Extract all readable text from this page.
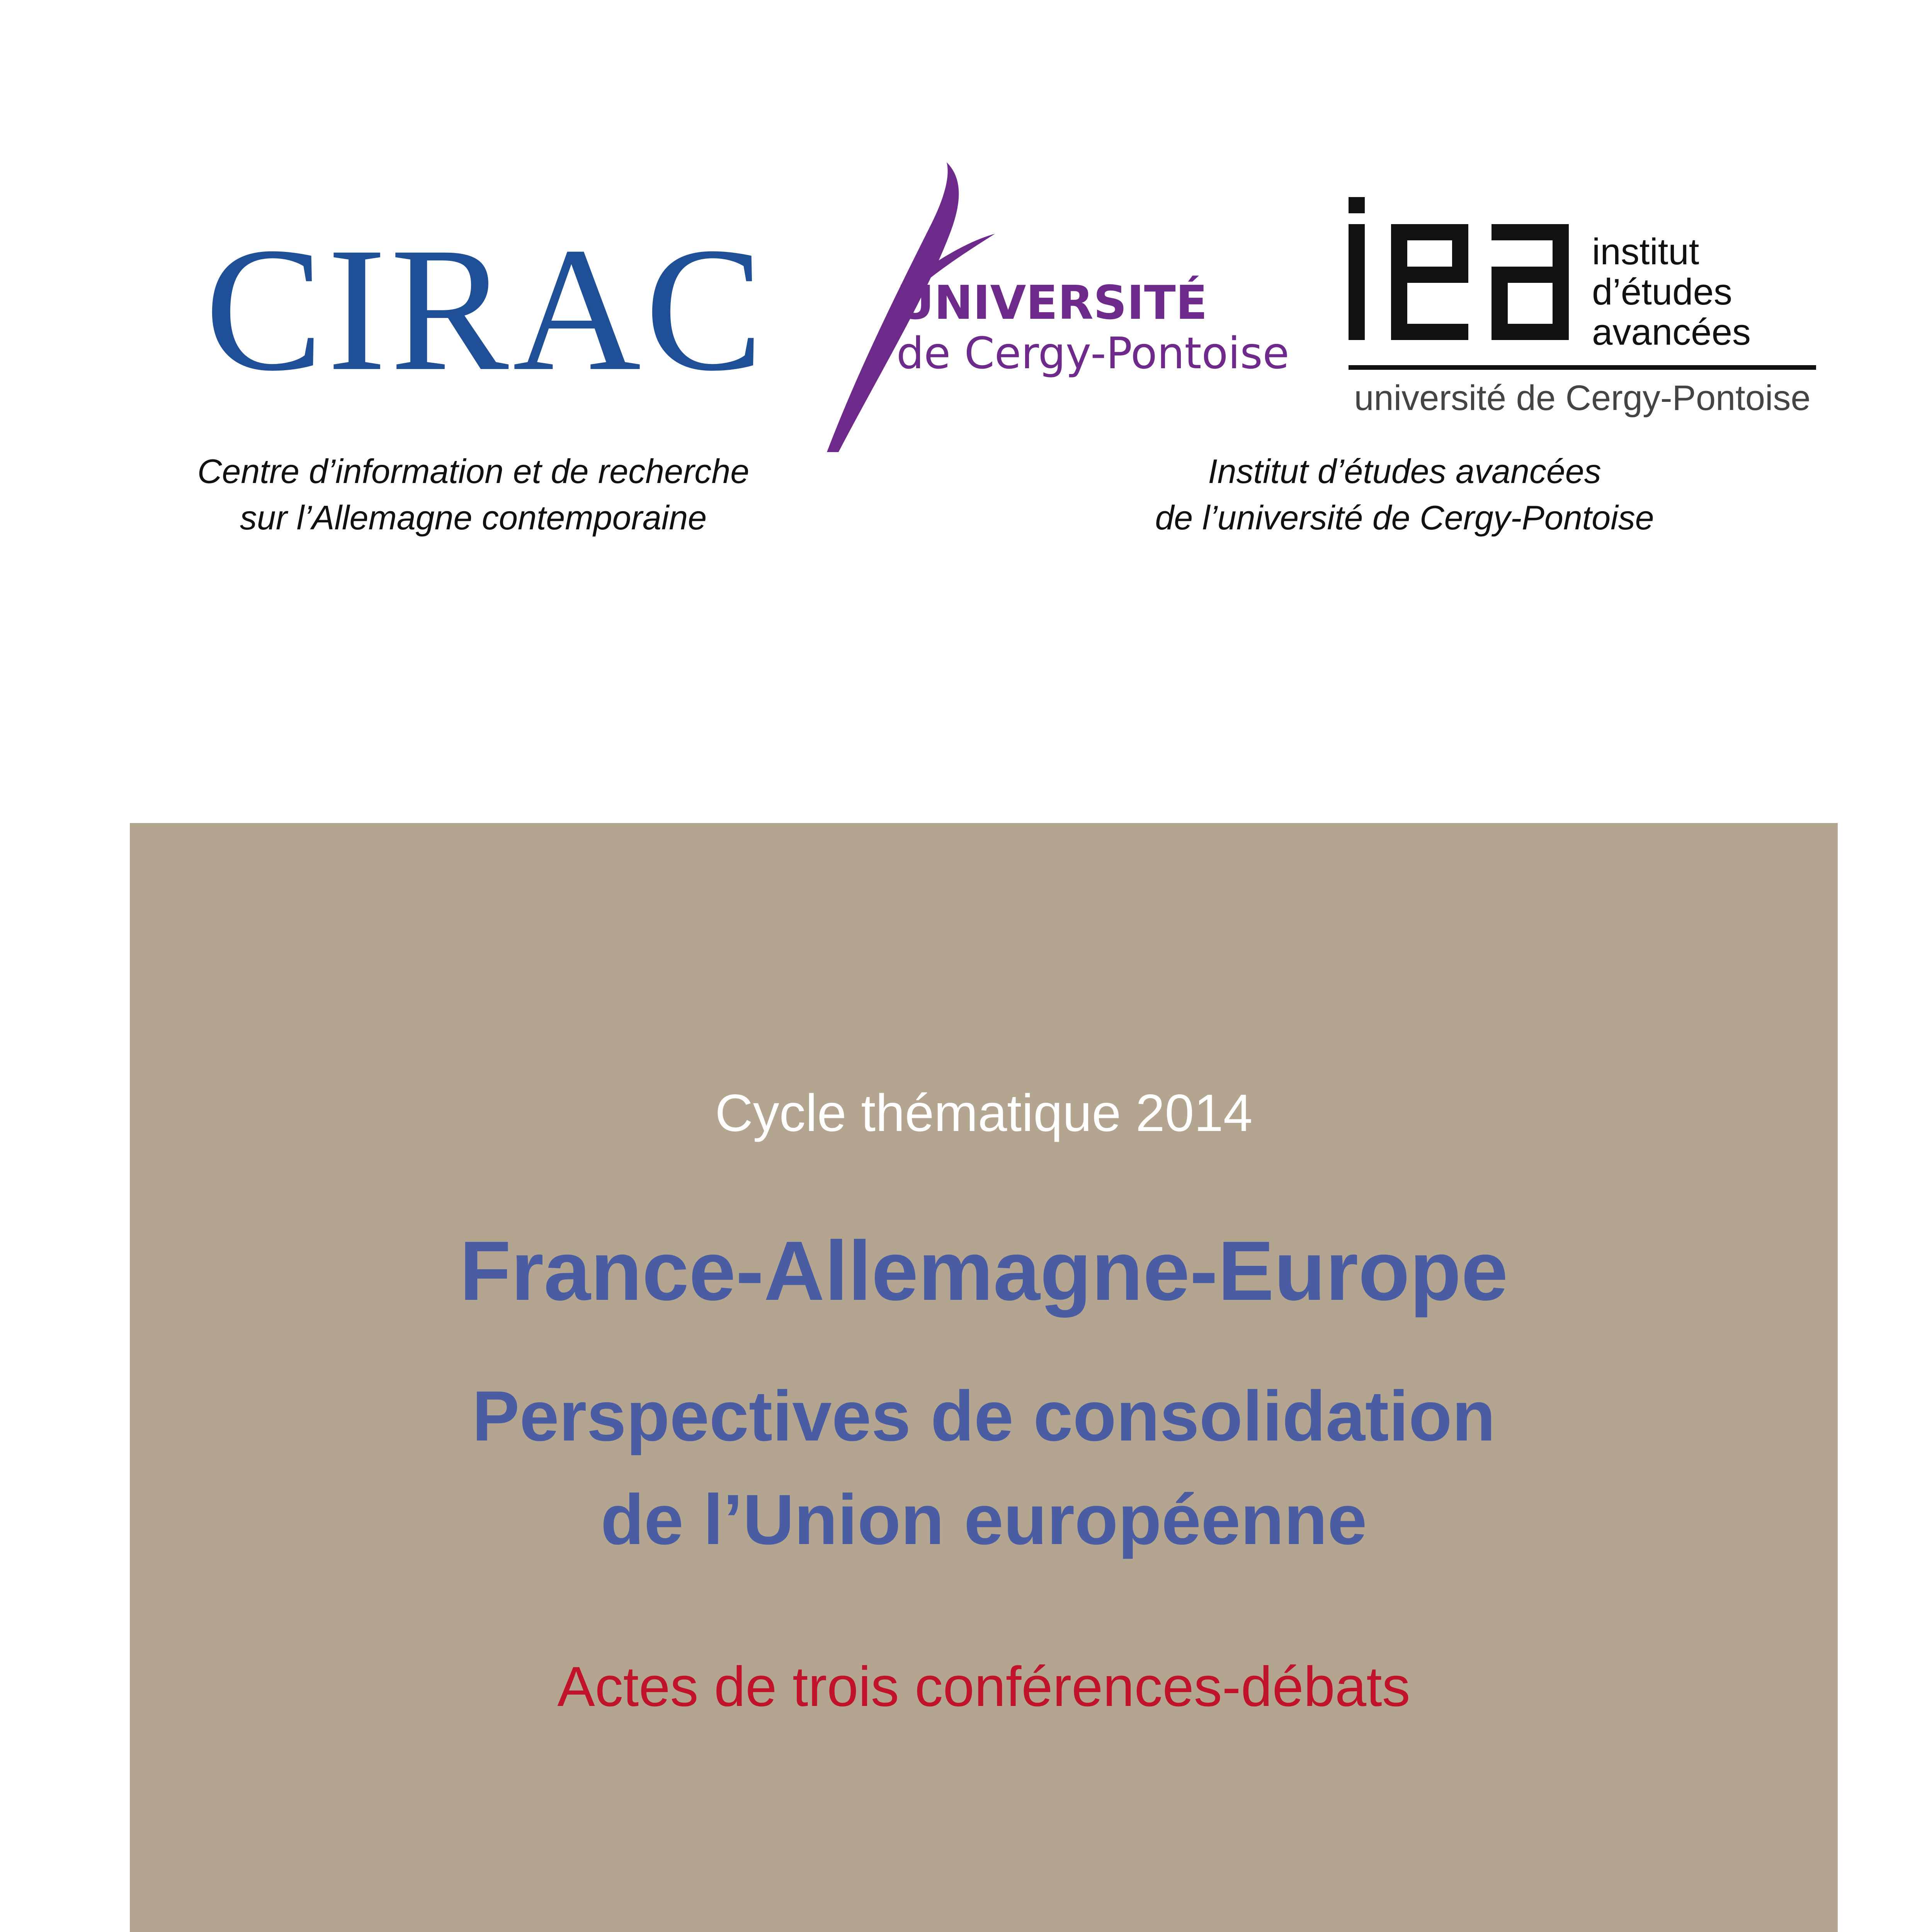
CIRAC	UNIVERSITÉ
de Cergy-Pontoise
institut
d’études
avancées
université de Cergy-Pontoise
Centre d’information et de recherche
sur l’Allemagne contemporaine
Institut d’études avancées
de l’université de Cergy-Pontoise
Cycle thématique 2014
France-Allemagne-Europe
Perspectives de consolidation
de l’Union européenne
Actes de trois conférences-débats
